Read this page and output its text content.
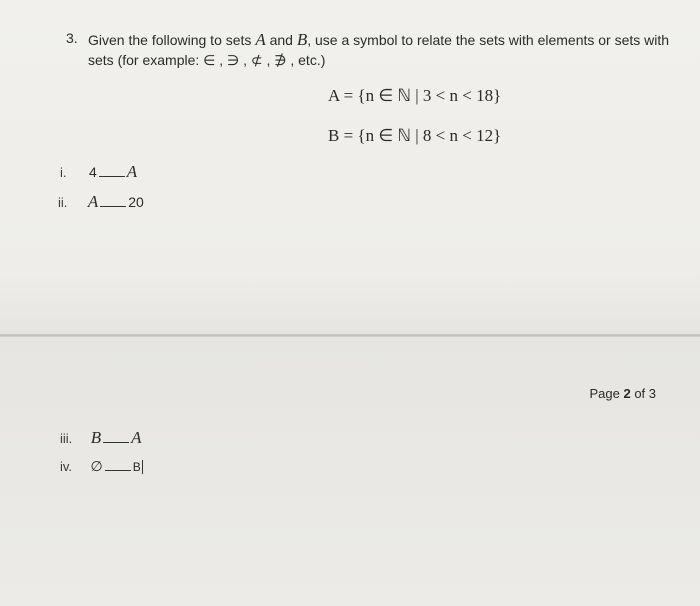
3. Given the following to sets A and B, use a symbol to relate the sets with elements or sets with
sets (for example: ∈ , ∋ , ⊄ , ∌ , etc.)
A = {n ∈ ℕ | 3 < n < 18}
B = {n ∈ ℕ | 8 < n < 12}
i. 4 A
ii. A 20
Page 2 of 3
iii. B A
iv. ∅	B
